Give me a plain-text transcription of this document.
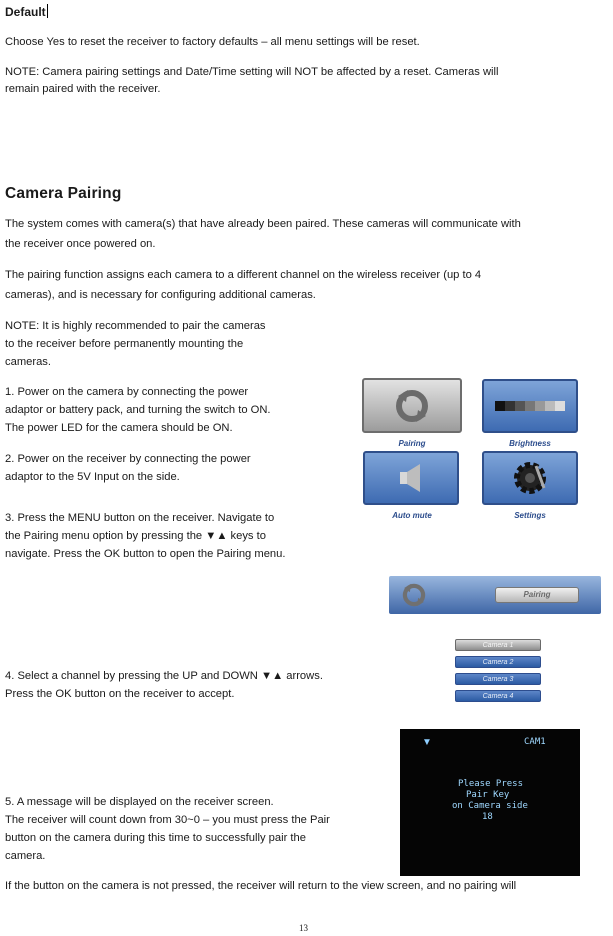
Default

Choose Yes to reset the receiver to factory defaults – all menu settings will be reset.

NOTE: Camera pairing settings and Date/Time setting will NOT be affected by a reset. Cameras will

remain paired with the receiver.

Camera Pairing

The system comes with camera(s) that have already been paired. These cameras will communicate with

the receiver once powered on.

The pairing function assigns each camera to a different channel on the wireless receiver (up to 4

cameras), and is necessary for configuring additional cameras.

NOTE: It is highly recommended to pair the cameras

to the receiver before permanently mounting the

cameras.

1. Power on the camera by connecting the power

adaptor or battery pack, and turning the switch to ON.

The power LED for the camera should be ON.

2. Power on the receiver by connecting the power

adaptor to the 5V Input on the side.

3. Press the MENU button on the receiver. Navigate to

the Pairing menu option by pressing the ▼▲ keys to

navigate. Press the OK button to open the Pairing menu.

4. Select a channel by pressing the UP and DOWN ▼▲ arrows.

Press the OK button on the receiver to accept.

5. A message will be displayed on the receiver screen.

The receiver will count down from 30~0 – you must press the Pair

button on the camera during this time to successfully pair the

camera.

If the button on the camera is not pressed, the receiver will return to the view screen, and no pairing will

Pairing	Brightness
Auto mute	Settings
Pairing
Camera 1
Camera 2
Camera 3
Camera 4
▼	CAM1
Please Press
Pair Key
on Camera side
18
13
